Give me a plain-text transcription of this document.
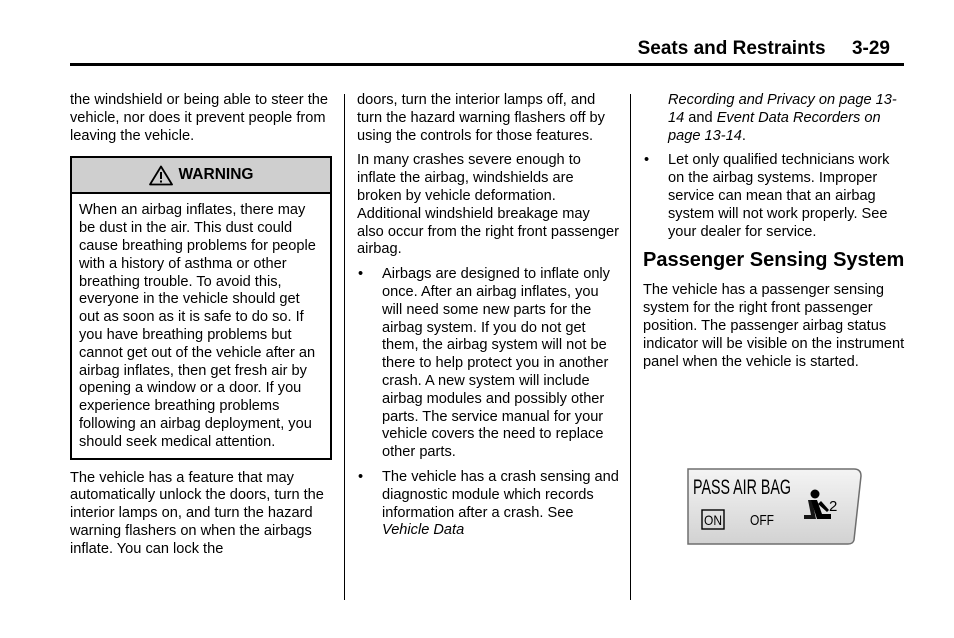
Seats and Restraints     3-29

the windshield or being able to steer the vehicle, nor does it prevent people from leaving the vehicle.

WARNING
When an airbag inflates, there may be dust in the air. This dust could cause breathing problems for people with a history of asthma or other breathing trouble. To avoid this, everyone in the vehicle should get out as soon as it is safe to do so. If you have breathing problems but cannot get out of the vehicle after an airbag inflates, then get fresh air by opening a window or a door. If you experience breathing problems following an airbag deployment, you should seek medical attention.

The vehicle has a feature that may automatically unlock the doors, turn the interior lamps on, and turn the hazard warning flashers on when the airbags inflate. You can lock the

doors, turn the interior lamps off, and turn the hazard warning flashers off by using the controls for those features.

In many crashes severe enough to inflate the airbag, windshields are broken by vehicle deformation. Additional windshield breakage may also occur from the right front passenger airbag.

• Airbags are designed to inflate only once. After an airbag inflates, you will need some new parts for the airbag system. If you do not get them, the airbag system will not be there to help protect you in another crash. A new system will include airbag modules and possibly other parts. The service manual for your vehicle covers the need to replace other parts.
• The vehicle has a crash sensing and diagnostic module which records information after a crash. See Vehicle Data

Recording and Privacy on page 13-14 and Event Data Recorders on page 13-14.

• Let only qualified technicians work on the airbag systems. Improper service can mean that an airbag system will not work properly. See your dealer for service.
Passenger Sensing System

The vehicle has a passenger sensing system for the right front passenger position. The passenger airbag status indicator will be visible on the instrument panel when the vehicle is started.

PASS AIR BAG
ON OFF
2
